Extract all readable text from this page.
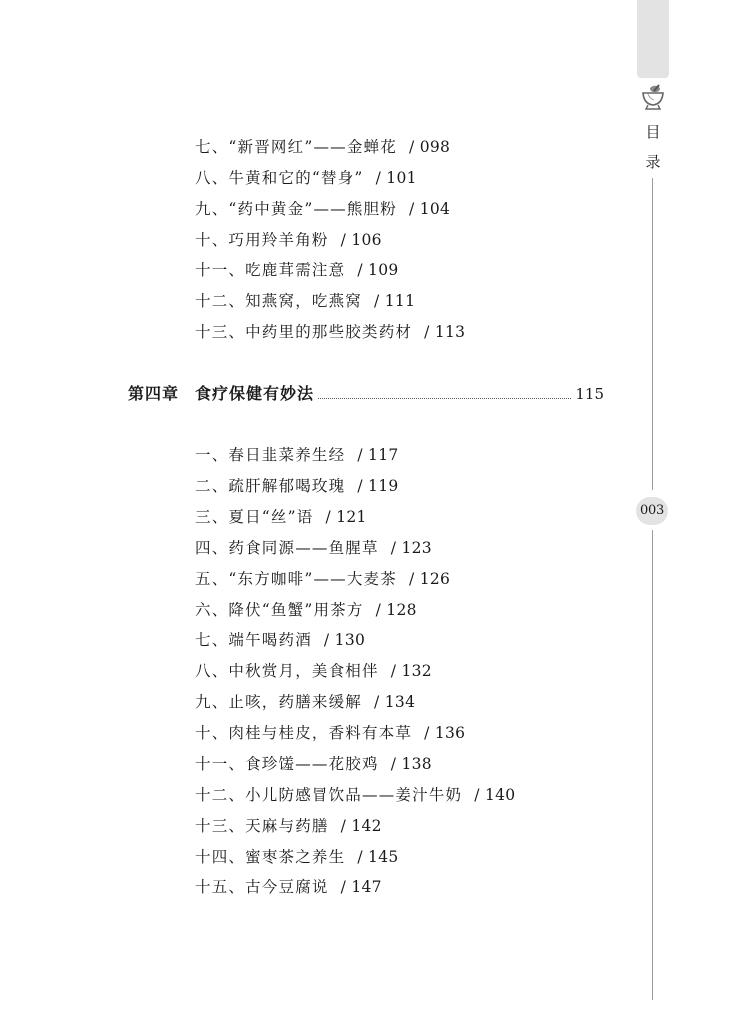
目
录
003
七、“新晋网红”——金蝉花 / 098
八、牛黄和它的“替身” / 101
九、“药中黄金”——熊胆粉 / 104
十、巧用羚羊角粉 / 106
十一、吃鹿茸需注意 / 109
十二、知燕窝，吃燕窝 / 111
十三、中药里的那些胶类药材 / 113
第四章 食疗保健有妙法	115
一、春日韭菜养生经 / 117
二、疏肝解郁喝玫瑰 / 119
三、夏日“丝”语 / 121
四、药食同源——鱼腥草 / 123
五、“东方咖啡”——大麦茶 / 126
六、降伏“鱼蟹”用茶方 / 128
七、端午喝药酒 / 130
八、中秋赏月，美食相伴 / 132
九、止咳，药膳来缓解 / 134
十、肉桂与桂皮，香料有本草 / 136
十一、食珍馐——花胶鸡 / 138
十二、小儿防感冒饮品——姜汁牛奶 / 140
十三、天麻与药膳 / 142
十四、蜜枣茶之养生 / 145
十五、古今豆腐说 / 147
